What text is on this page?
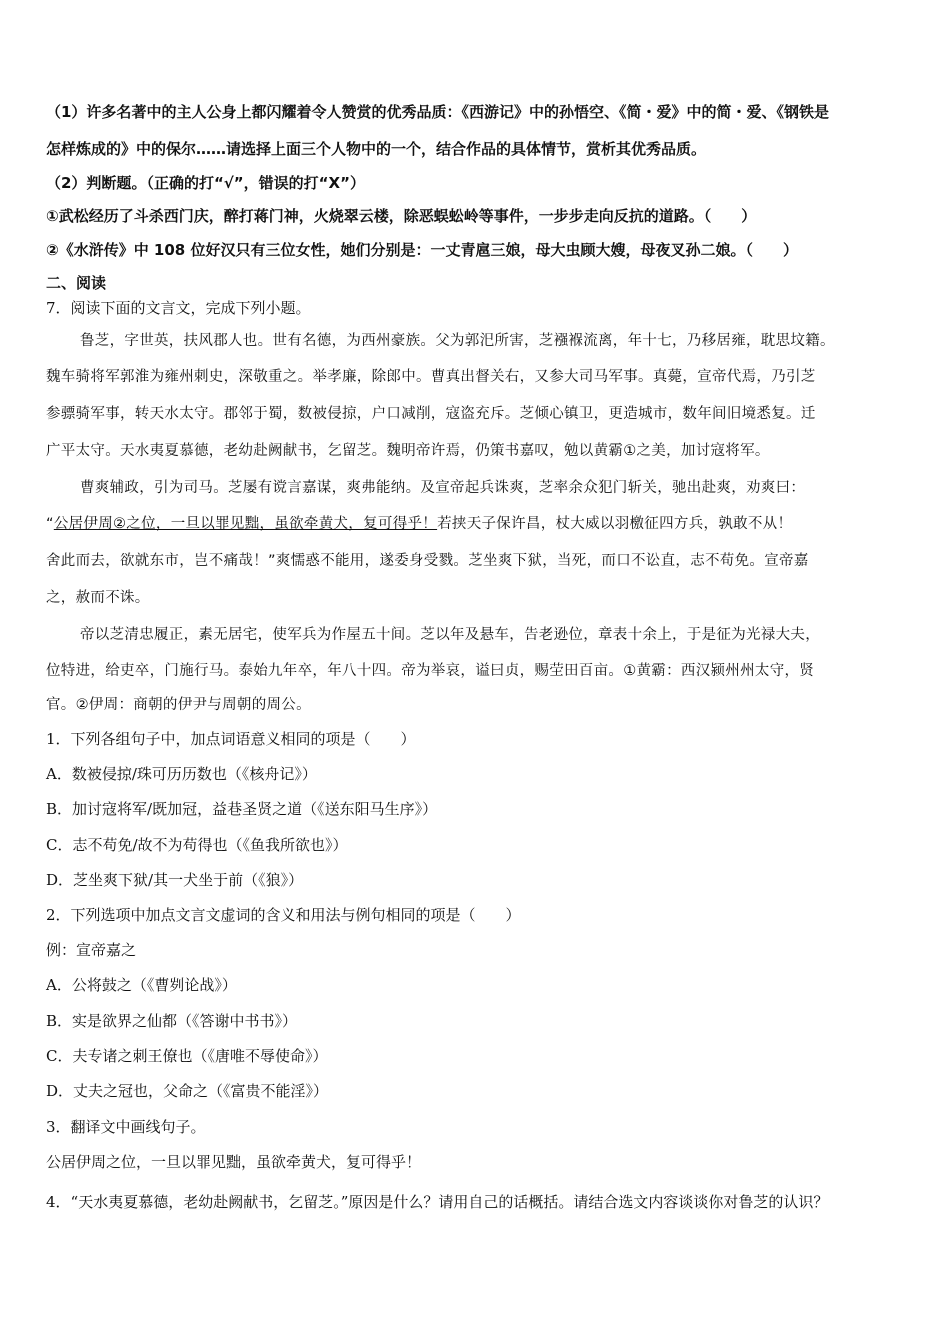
（1）许多名著中的主人公身上都闪耀着令人赞赏的优秀品质：《西游记》中的孙悟空、《简・爱》中的简・爱、《钢铁是
怎样炼成的》中的保尔……请选择上面三个人物中的一个，结合作品的具体情节，赏析其优秀品质。
（2）判断题。（正确的打“√”，错误的打“X”）
①武松经历了斗杀西门庆，醉打蒋门神，火烧翠云楼，除恶蜈蚣岭等事件，一步步走向反抗的道路。（　　）
②《水浒传》中 108 位好汉只有三位女性，她们分别是：一丈青扈三娘，母大虫顾大嫂，母夜叉孙二娘。（　　）
二、阅读
7．阅读下面的文言文，完成下列小题。
鲁芝，字世英，扶风郡人也。世有名德，为西州豪族。父为郭汜所害，芝襁褓流离，年十七，乃移居雍，耽思坟籍。
魏车骑将军郭淮为雍州刺史，深敬重之。举孝廉，除郎中。曹真出督关右，又参大司马军事。真薨，宣帝代焉，乃引芝
参骠骑军事，转天水太守。郡邻于蜀，数被侵掠，户口减削，寇盗充斥。芝倾心镇卫，更造城市，数年间旧境悉复。迁
广平太守。天水夷夏慕德，老幼赴阙献书，乞留芝。魏明帝许焉，仍策书嘉叹，勉以黄霸①之美，加讨寇将军。
曹爽辅政，引为司马。芝屡有谠言嘉谋，爽弗能纳。及宣帝起兵诛爽，芝率余众犯门斩关，驰出赴爽，劝爽曰：
“公居伊周②之位，一旦以罪见黜，虽欲牵黄犬，复可得乎！若挟天子保许昌，杖大威以羽檄征四方兵，孰敢不从！
舍此而去，欲就东市，岂不痛哉！”爽懦惑不能用，遂委身受戮。芝坐爽下狱，当死，而口不讼直，志不苟免。宣帝嘉
之，赦而不诛。
帝以芝清忠履正，素无居宅，使军兵为作屋五十间。芝以年及悬车，告老逊位，章表十余上，于是征为光禄大夫，
位特进，给吏卒，门施行马。泰始九年卒，年八十四。帝为举哀，谥曰贞，赐茔田百亩。①黄霸：西汉颍州州太守，贤
官。②伊周：商朝的伊尹与周朝的周公。
1．下列各组句子中，加点词语意义相同的项是（　　）
A．数被侵掠/珠可历历数也（《核舟记》）
B．加讨寇将军/既加冠，益巷圣贤之道（《送东阳马生序》）
C．志不苟免/故不为苟得也（《鱼我所欲也》）
D．芝坐爽下狱/其一犬坐于前（《狼》）
2．下列选项中加点文言文虚词的含义和用法与例句相同的项是（　　）
例：宣帝嘉之
A．公将鼓之（《曹刿论战》）
B．实是欲界之仙都（《答谢中书书》）
C．夫专诸之刺王僚也（《唐唯不辱使命》）
D．丈夫之冠也，父命之（《富贵不能淫》）
3．翻译文中画线句子。
公居伊周之位，一旦以罪见黜，虽欲牵黄犬，复可得乎！
4．“天水夷夏慕德，老幼赴阙献书，乞留芝。”原因是什么？请用自己的话概括。请结合选文内容谈谈你对鲁芝的认识？
